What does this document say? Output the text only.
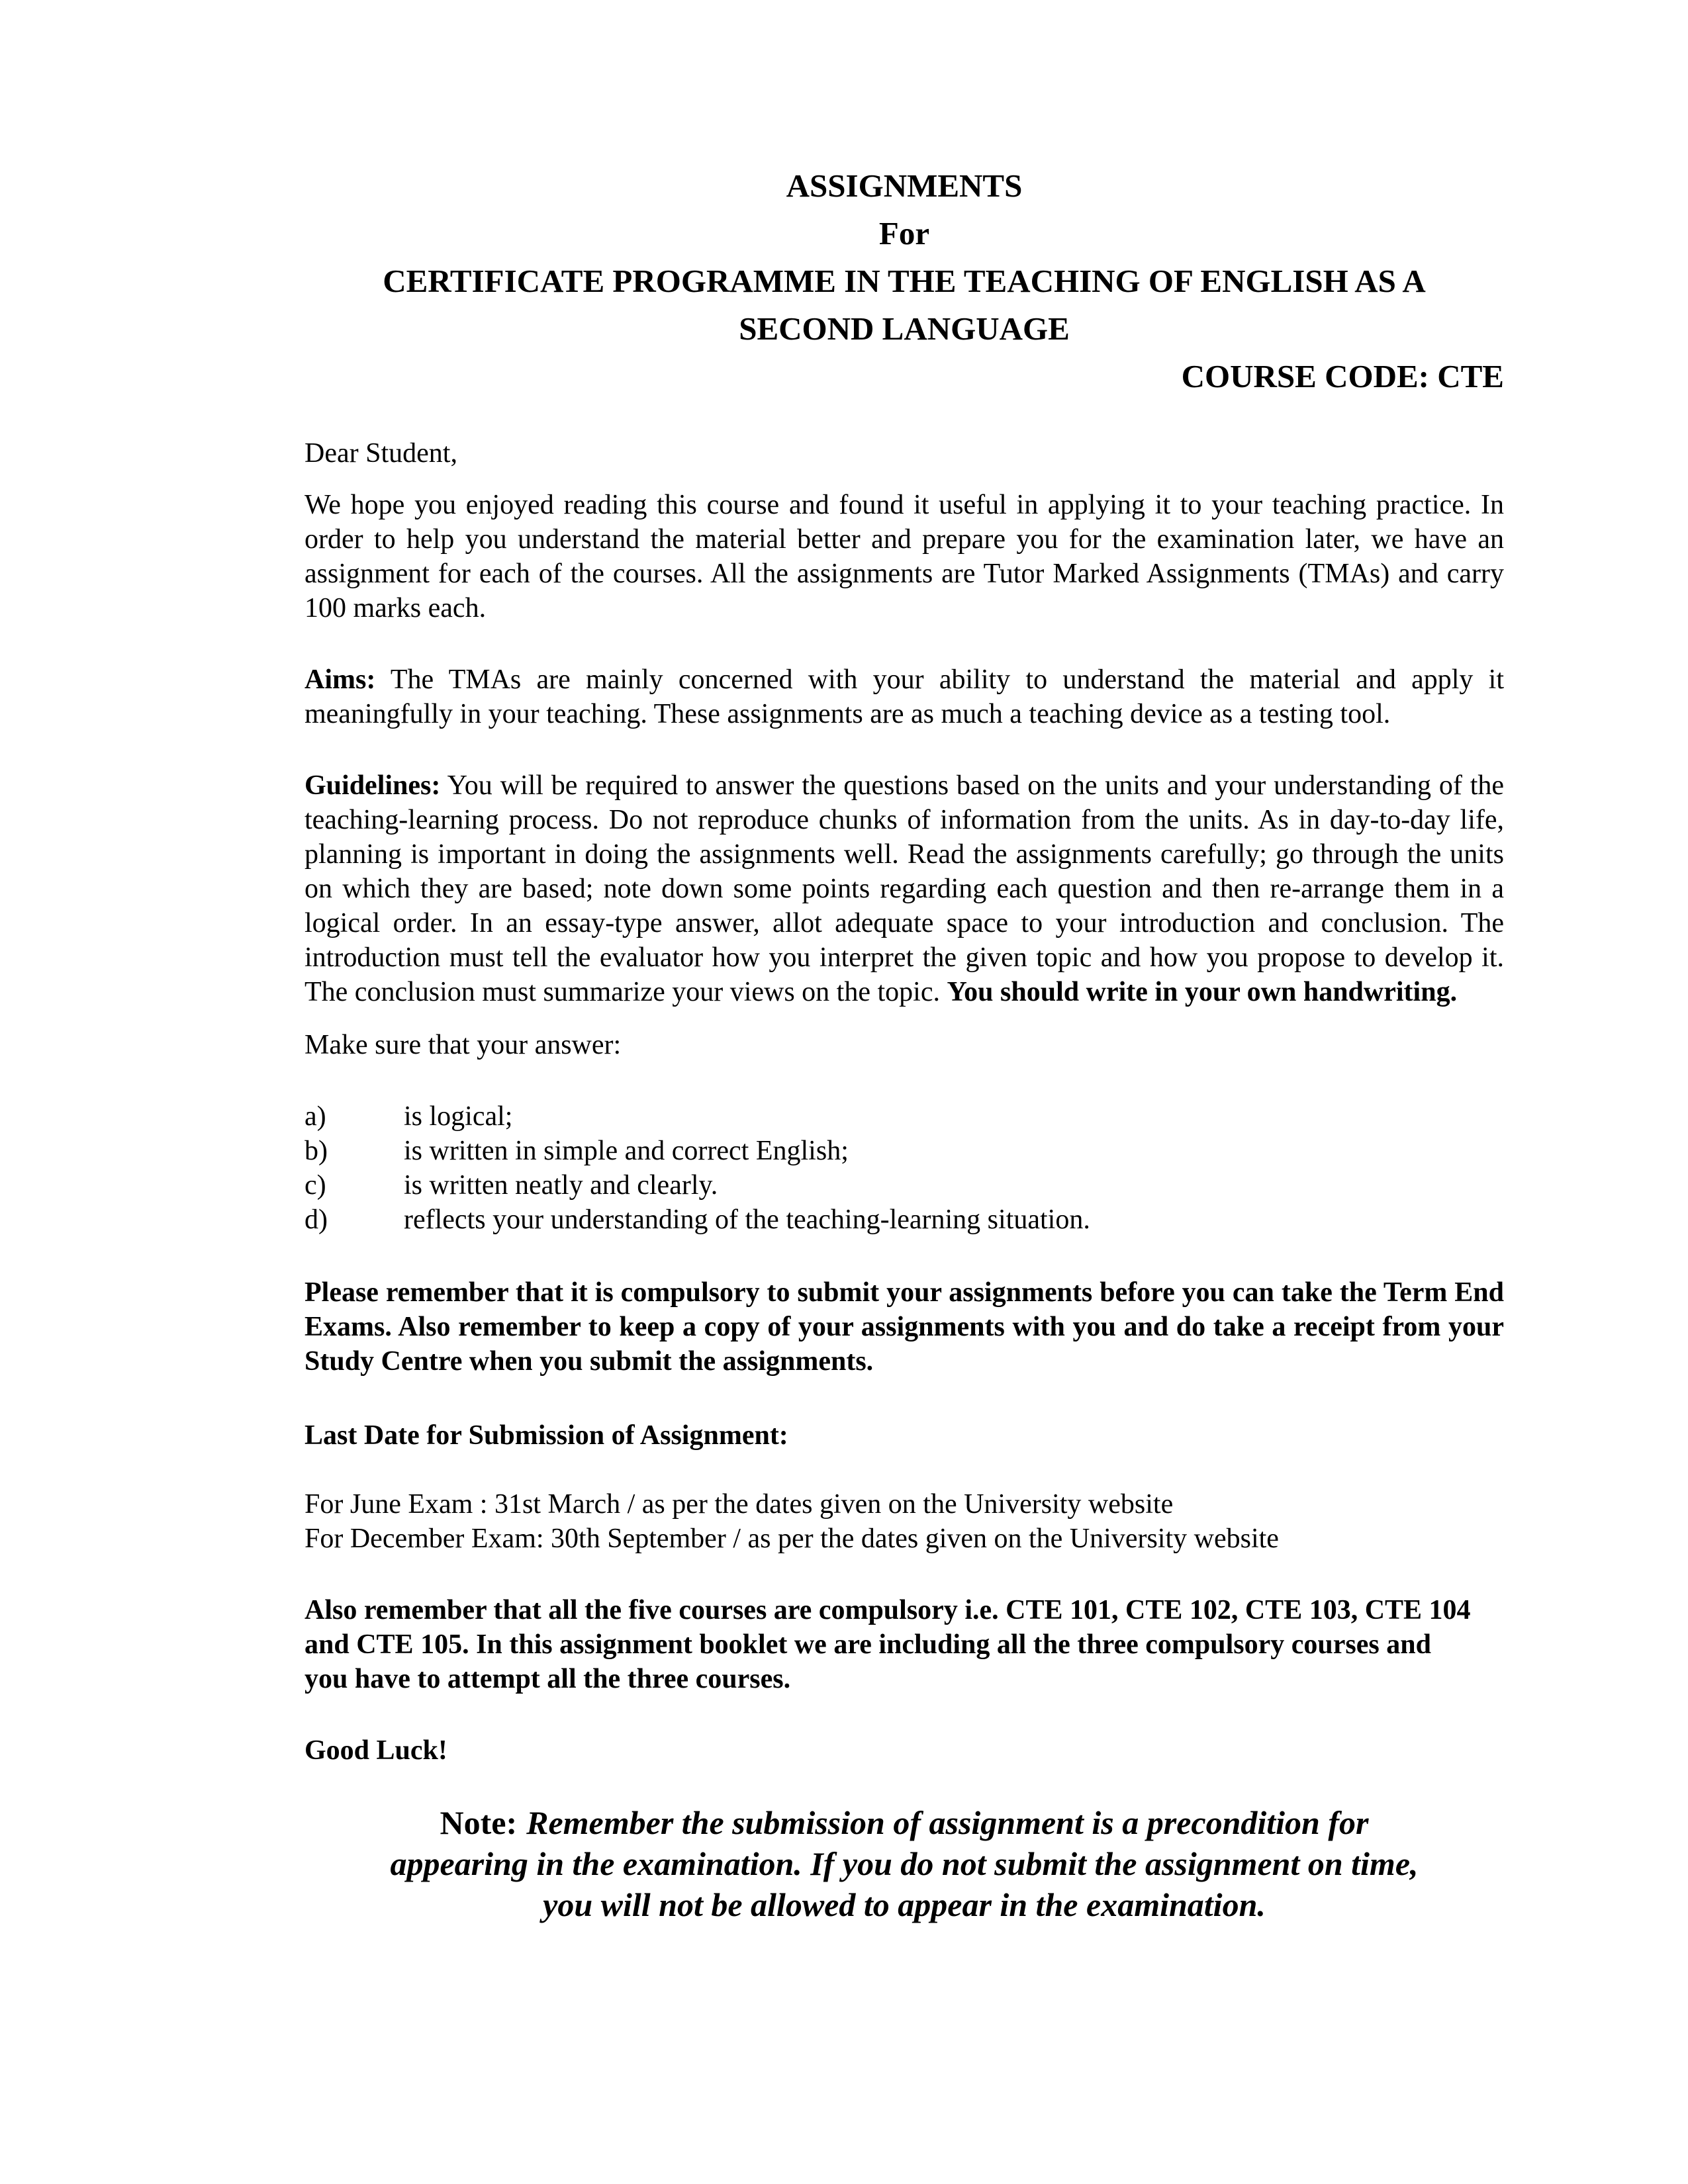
ASSIGNMENTS
For
CERTIFICATE PROGRAMME IN THE TEACHING OF ENGLISH AS A
SECOND LANGUAGE
COURSE CODE: CTE

Dear Student,

We hope you enjoyed reading this course and found it useful in applying it to your teaching practice. In order to help you understand the material better and prepare you for the examination later, we have an assignment for each of the courses. All the assignments are Tutor Marked Assignments (TMAs) and carry 100 marks each.

Aims: The TMAs are mainly concerned with your ability to understand the material and apply it meaningfully in your teaching. These assignments are as much a teaching device as a testing tool.

Guidelines: You will be required to answer the questions based on the units and your understanding of the teaching-learning process. Do not reproduce chunks of information from the units. As in day-to-day life, planning is important in doing the assignments well. Read the assignments carefully; go through the units on which they are based; note down some points regarding each question and then re-arrange them in a logical order. In an essay-type answer, allot adequate space to your introduction and conclusion. The introduction must tell the evaluator how you interpret the given topic and how you propose to develop it. The conclusion must summarize your views on the topic. You should write in your own handwriting.

Make sure that your answer:

a)	is logical;
b)	is written in simple and correct English;
c)	is written neatly and clearly.
d)	reflects your understanding of the teaching-learning situation.

Please remember that it is compulsory to submit your assignments before you can take the Term End Exams. Also remember to keep a copy of your assignments with you and do take a receipt from your Study Centre when you submit the assignments.

Last Date for Submission of Assignment:

For June Exam : 31st March / as per the dates given on the University website
For December Exam: 30th September / as per the dates given on the University website

Also remember that all the five courses are compulsory i.e. CTE 101, CTE 102, CTE 103, CTE 104 and CTE 105. In this assignment booklet we are including all the three compulsory courses and you have to attempt all the three courses.

Good Luck!

Note: Remember the submission of assignment is a precondition for
appearing in the examination. If you do not submit the assignment on time,
you will not be allowed to appear in the examination.
